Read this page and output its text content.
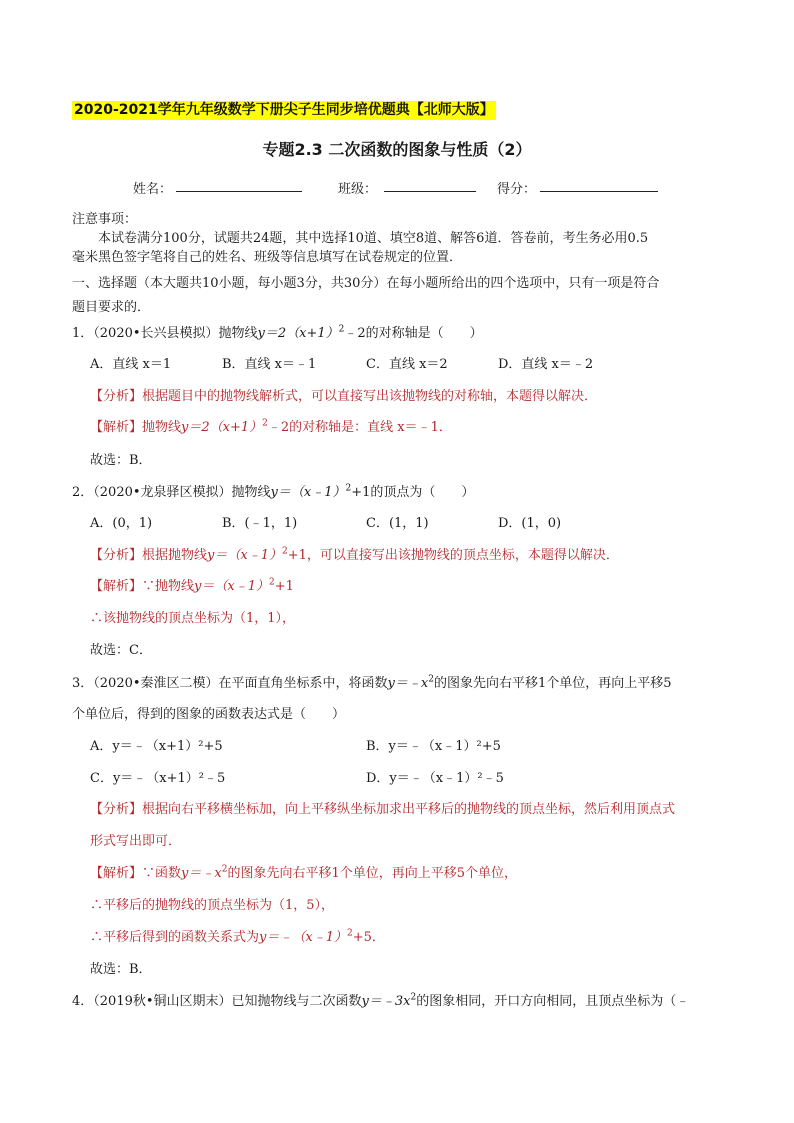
2020-2021学年九年级数学下册尖子生同步培优题典【北师大版】
专题2.3 二次函数的图象与性质（2）
姓名：	班级：	得分：
注意事项：
本试卷满分100分，试题共24题，其中选择10道、填空8道、解答6道．答卷前，考生务必用0.5
毫米黑色签字笔将自己的姓名、班级等信息填写在试卷规定的位置．
一、选择题（本大题共10小题，每小题3分，共30分）在每小题所给出的四个选项中，只有一项是符合
题目要求的．
1．（2020•长兴县模拟）抛物线$y=2(x+1)^2﹣2$的对称轴是（　　）
A．直线 x＝1	B．直线 x＝﹣1	C．直线 x＝2	D．直线 x＝﹣2
【分析】根据题目中的抛物线解析式，可以直接写出该抛物线的对称轴，本题得以解决．
【解析】抛物线$y=2(x+1)^2﹣2$的对称轴是：直线 x＝﹣1．
故选：B．
2．（2020•龙泉驿区模拟）抛物线y＝（x﹣1）$^2$+1的顶点为（　　）
A．(0，1)	B．(﹣1，1)	C．(1，1)	D．(1，0)
【分析】根据抛物线y＝（x﹣1）$^2$+1，可以直接写出该抛物线的顶点坐标，本题得以解决．
【解析】∵抛物线y＝（x﹣1）$^2$+1
∴该抛物线的顶点坐标为（1，1），
故选：C．
3．（2020•秦淮区二模）在平面直角坐标系中，将函数$y=﹣x^2$的图象先向右平移1个单位，再向上平移5
个单位后，得到的图象的函数表达式是（　　）
A．y＝﹣（x+1）²+5	B．y＝﹣（x﹣1）²+5
C．y＝﹣（x+1）²﹣5	D．y＝﹣（x﹣1）²﹣5
【分析】根据向右平移横坐标加，向上平移纵坐标加求出平移后的抛物线的顶点坐标，然后利用顶点式
形式写出即可．
【解析】∵函数$y=﹣x^2$的图象先向右平移1个单位，再向上平移5个单位，
∴平移后的抛物线的顶点坐标为（1，5），
∴平移后得到的函数关系式为y＝﹣（x﹣1）$^2$+5．
故选：B．
4．（2019秋•铜山区期末）已知抛物线与二次函数$y=﹣3x^2$的图象相同，开口方向相同，且顶点坐标为（﹣
